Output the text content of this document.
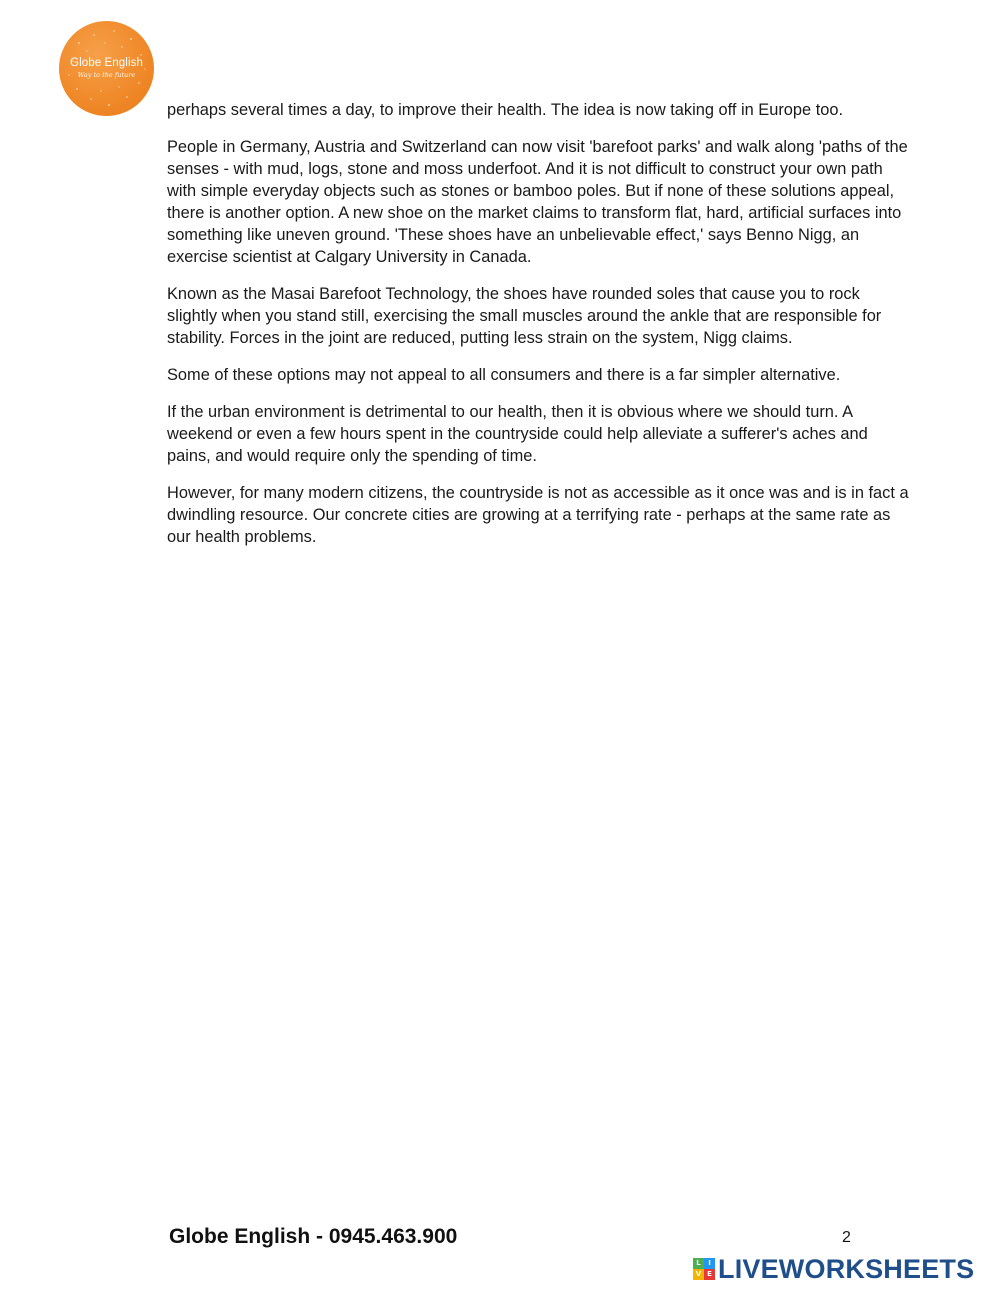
Globe English
Way to the future

perhaps several times a day, to improve their health. The idea is now taking off in Europe too.

People in Germany, Austria and Switzerland can now visit 'barefoot parks' and walk along 'paths of the senses - with mud, logs, stone and moss underfoot. And it is not difficult to construct your own path with simple everyday objects such as stones or bamboo poles. But if none of these solutions appeal, there is another option. A new shoe on the market claims to transform flat, hard, artificial surfaces into something like uneven ground. 'These shoes have an unbelievable effect,' says Benno Nigg, an exercise scientist at Calgary University in Canada.

Known as the Masai Barefoot Technology, the shoes have rounded soles that cause you to rock slightly when you stand still, exercising the small muscles around the ankle that are responsible for stability. Forces in the joint are reduced, putting less strain on the system, Nigg claims.

Some of these options may not appeal to all consumers and there is a far simpler alternative.

If the urban environment is detrimental to our health, then it is obvious where we should turn. A weekend or even a few hours spent in the countryside could help alleviate a sufferer's aches and pains, and would require only the spending of time.

However, for many modern citizens, the countryside is not as accessible as it once was and is in fact a dwindling resource. Our concrete cities are growing at a terrifying rate - perhaps at the same rate as our health problems.

Globe English - 0945.463.900	2
L	I
V E LIVEWORKSHEETS
